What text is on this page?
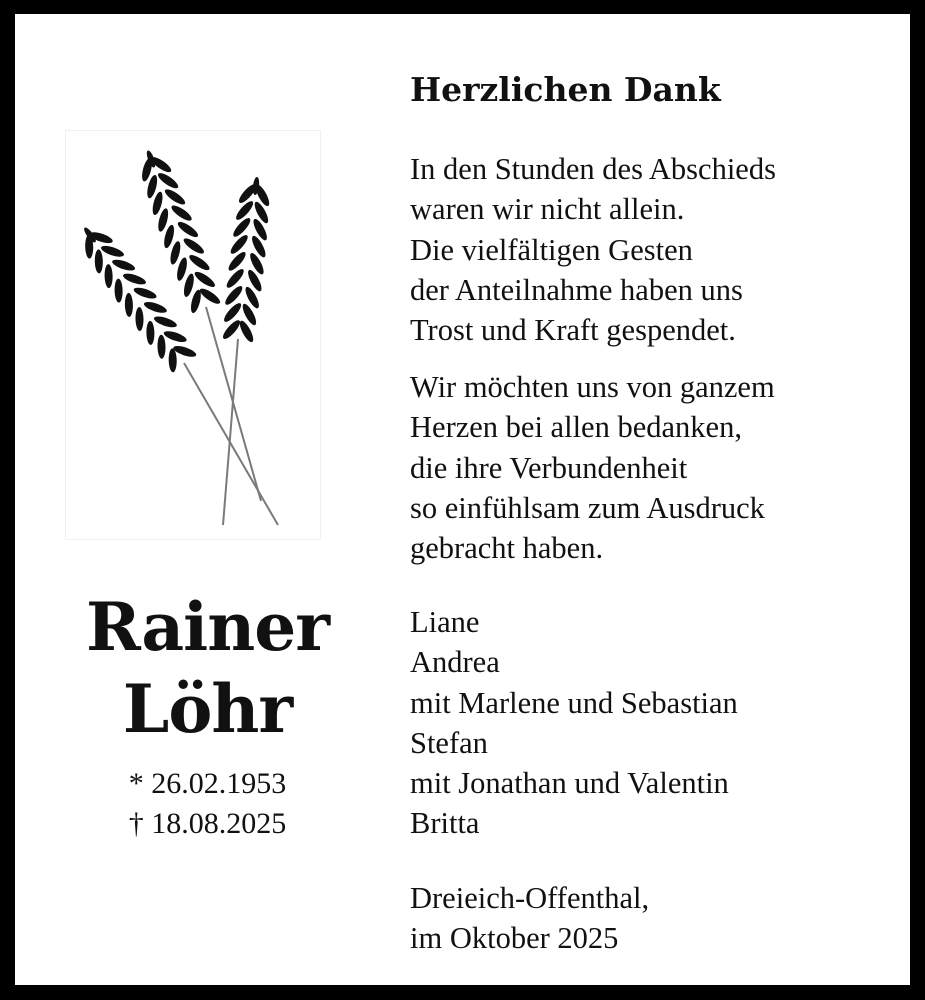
Rainer
Löhr
* 26.02.1953
† 18.08.2025
Herzlichen Dank
In den Stunden des Abschieds
waren wir nicht allein.
Die vielfältigen Gesten
der Anteilnahme haben uns
Trost und Kraft gespendet.
Wir möchten uns von ganzem
Herzen bei allen bedanken,
die ihre Verbundenheit
so einfühlsam zum Ausdruck
gebracht haben.
Liane
Andrea
mit Marlene und Sebastian
Stefan
mit Jonathan und Valentin
Britta
Dreieich-Offenthal,
im Oktober 2025
